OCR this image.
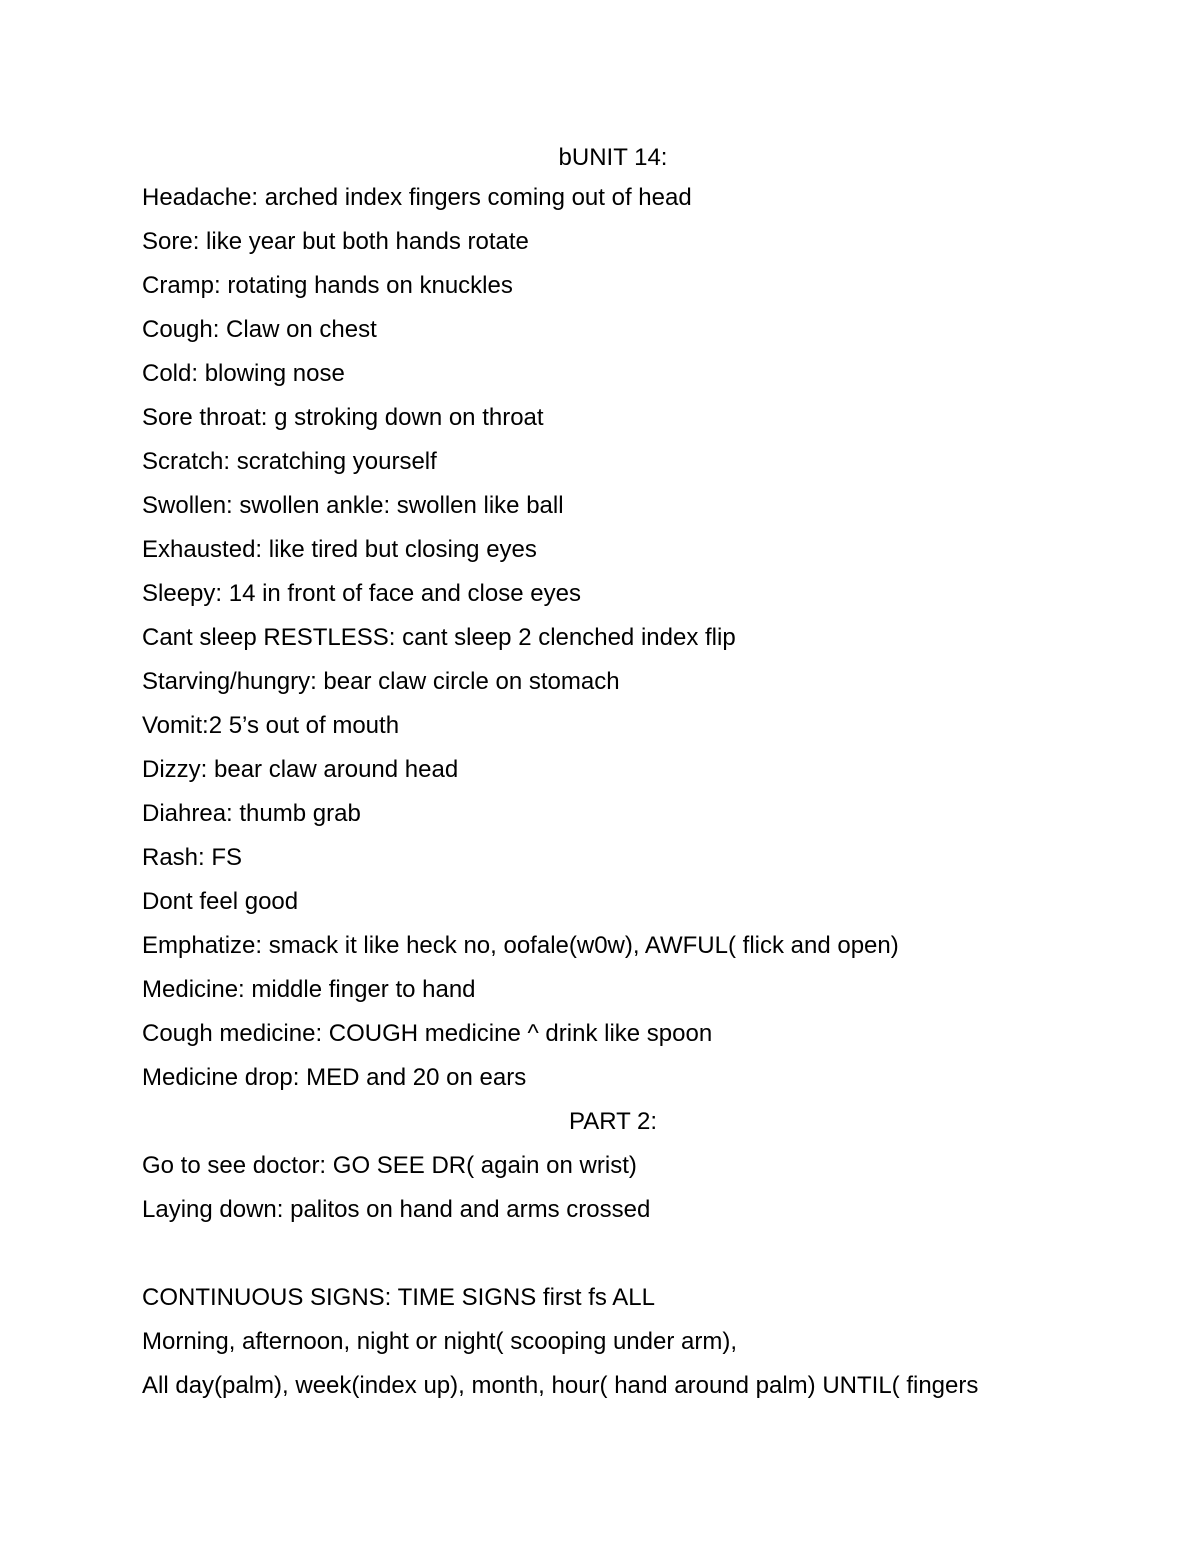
bUNIT 14:
Headache: arched index fingers coming out of head
Sore: like year but both hands rotate
Cramp: rotating hands on knuckles
Cough: Claw on chest
Cold: blowing nose
Sore throat: g stroking down on throat
Scratch: scratching yourself
Swollen: swollen ankle: swollen like ball
Exhausted: like tired but closing eyes
Sleepy: 14 in front of face and close eyes
Cant sleep RESTLESS: cant sleep 2 clenched index flip
Starving/hungry: bear claw circle on stomach
Vomit:2 5’s out of mouth
Dizzy: bear claw around head
Diahrea: thumb grab
Rash: FS
Dont feel good
Emphatize: smack it like heck no, oofale(w0w), AWFUL( flick and open)
Medicine: middle finger to hand
Cough medicine: COUGH medicine ^ drink like spoon
Medicine drop: MED and 20 on ears
PART 2:
Go to see doctor: GO SEE DR( again on wrist)
Laying down: palitos on hand and arms crossed
CONTINUOUS SIGNS: TIME SIGNS first fs ALL
Morning, afternoon, night or night( scooping under arm),
All day(palm), week(index up), month, hour( hand around palm) UNTIL( fingers
